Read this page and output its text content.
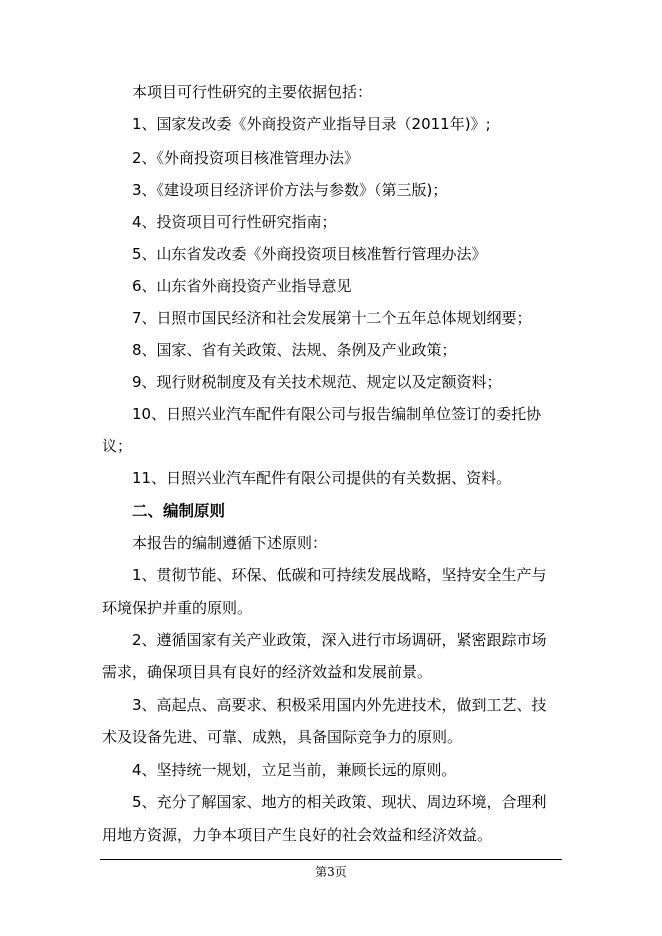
本项目可行性研究的主要依据包括：
1、国家发改委《外商投资产业指导目录（2011年)》;
2、《外商投资项目核准管理办法》
3、《建设项目经济评价方法与参数》（第三版)；
4、投资项目可行性研究指南；
5、山东省发改委《外商投资项目核准暂行管理办法》
6、山东省外商投资产业指导意见
7、日照市国民经济和社会发展第十二个五年总体规划纲要；
8、国家、省有关政策、法规、条例及产业政策；
9、现行财税制度及有关技术规范、规定以及定额资料；
10、日照兴业汽车配件有限公司与报告编制单位签订的委托协
议；
11、日照兴业汽车配件有限公司提供的有关数据、资料。
二、编制原则
本报告的编制遵循下述原则：
1、贯彻节能、环保、低碳和可持续发展战略，坚持安全生产与
环境保护并重的原则。
2、遵循国家有关产业政策，深入进行市场调研，紧密跟踪市场
需求，确保项目具有良好的经济效益和发展前景。
3、高起点、高要求、积极采用国内外先进技术，做到工艺、技
术及设备先进、可靠、成熟，具备国际竞争力的原则。
4、坚持统一规划，立足当前，兼顾长远的原则。
5、充分了解国家、地方的相关政策、现状、周边环境，合理利
用地方资源，力争本项目产生良好的社会效益和经济效益。
第3页
